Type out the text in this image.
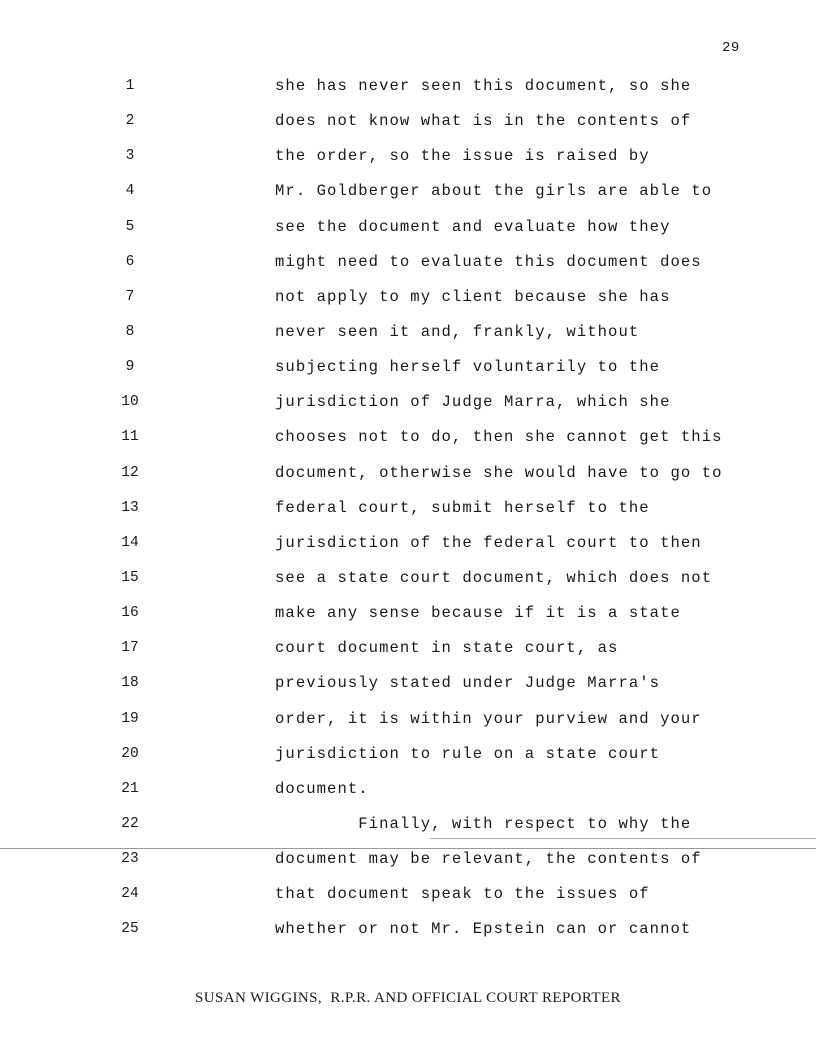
29
1	she has never seen this document, so she
2	does not know what is in the contents of
3	the order, so the issue is raised by
4	Mr. Goldberger about the girls are able to
5	see the document and evaluate how they
6	might need to evaluate this document does
7	not apply to my client because she has
8	never seen it and, frankly, without
9	subjecting herself voluntarily to the
10	jurisdiction of Judge Marra, which she
11	chooses not to do, then she cannot get this
12	document, otherwise she would have to go to
13	federal court, submit herself to the
14	jurisdiction of the federal court to then
15	see a state court document, which does not
16	make any sense because if it is a state
17	court document in state court, as
18	previously stated under Judge Marra's
19	order, it is within your purview and your
20	jurisdiction to rule on a state court
21	document.
22	Finally, with respect to why the
23	document may be relevant, the contents of
24	that document speak to the issues of
25	whether or not Mr. Epstein can or cannot
SUSAN WIGGINS,  R.P.R. AND OFFICIAL COURT REPORTER
